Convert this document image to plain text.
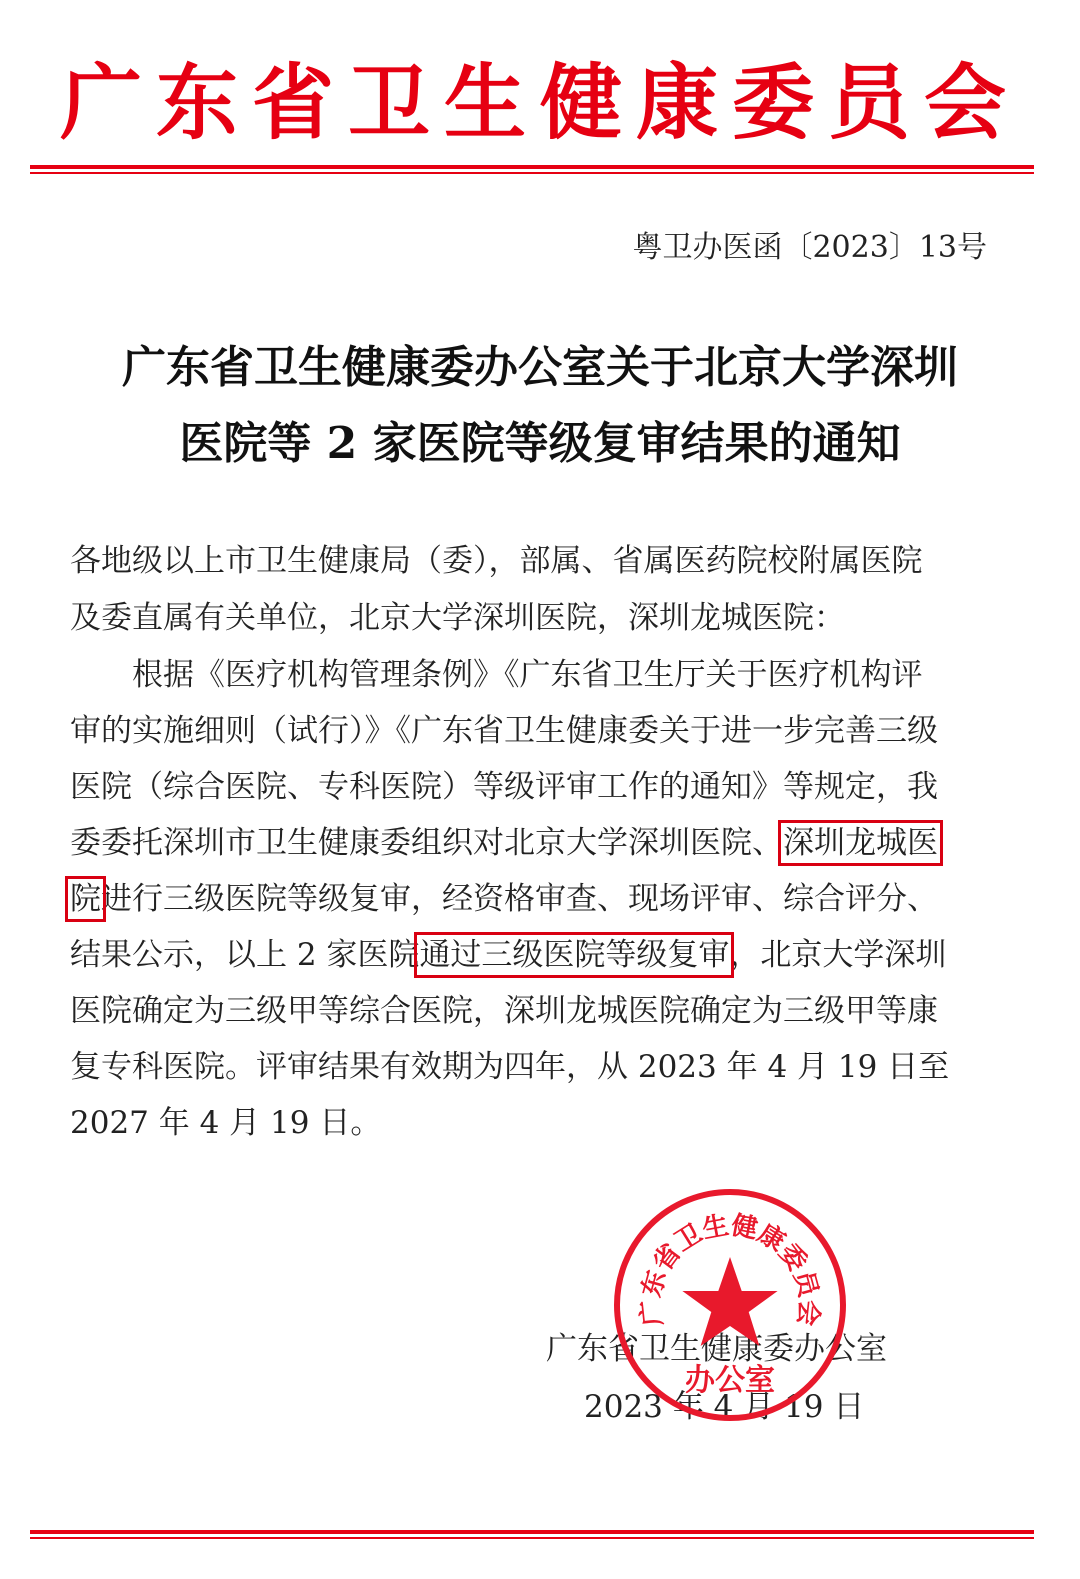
广东省卫生健康委员会
粤卫办医函〔2023〕13号
广东省卫生健康委办公室关于北京大学深圳
医院等 2 家医院等级复审结果的通知
各地级以上市卫生健康局（委），部属、省属医药院校附属医院
及委直属有关单位，北京大学深圳医院，深圳龙城医院：
根据《医疗机构管理条例》《广东省卫生厅关于医疗机构评
审的实施细则（试行）》《广东省卫生健康委关于进一步完善三级
医院（综合医院、专科医院）等级评审工作的通知》等规定，我
委委托深圳市卫生健康委组织对北京大学深圳医院、深圳龙城医
院进行三级医院等级复审，经资格审查、现场评审、综合评分、
结果公示，以上 2 家医院通过三级医院等级复审，北京大学深圳
医院确定为三级甲等综合医院，深圳龙城医院确定为三级甲等康
复专科医院。评审结果有效期为四年，从 2023 年 4 月 19 日至
2027 年 4 月 19 日。
广东省卫生健康委办公室
2023 年 4 月 19 日
广东省卫生健康委员会
办公室
